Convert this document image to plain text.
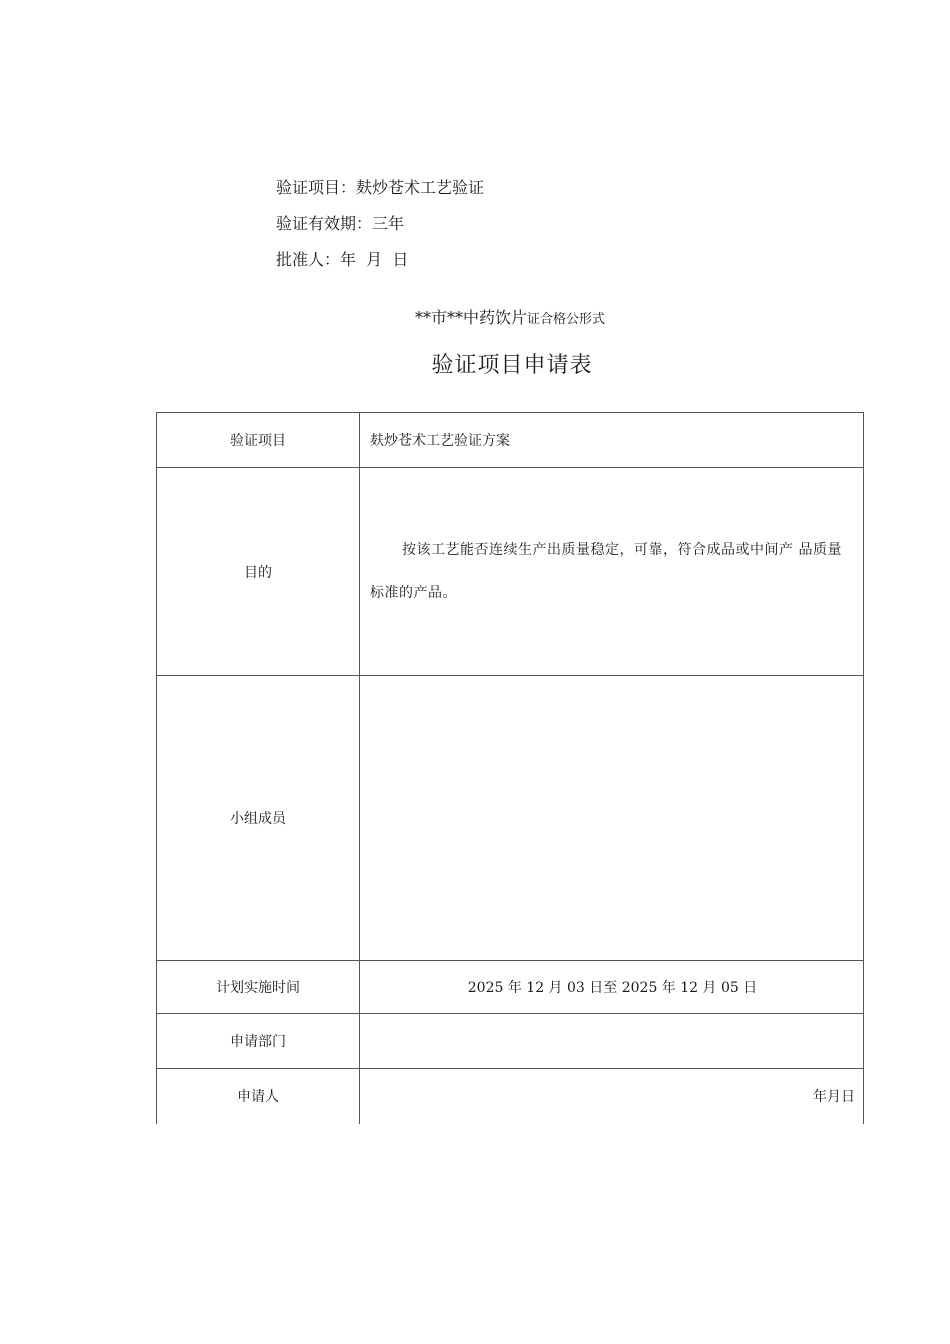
验证项目：麸炒苍术工艺验证
验证有效期：三年
批准人：年  月  日
**市**中药饮片证合格公形式
验证项目申请表
验证项目	麸炒苍术工艺验证方案
目的	按该工艺能否连续生产出质量稳定，可靠，符合成品或中间产 品质量标准的产品。

小组成员	
计划实施时间	2025 年 12 月 03 日至 2025 年 12 月 05 日
申请部门	
申请人	年月日
